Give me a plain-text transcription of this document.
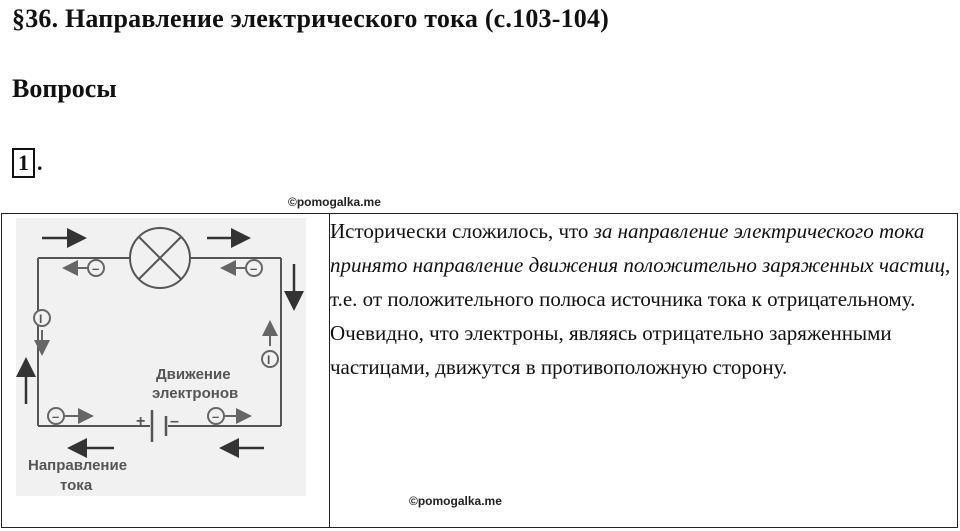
§36. Направление электрического тока (с.103-104)
Вопросы
1 .
©pomogalka.me
+ –
–	–
–	–
I
I
Движение
электронов
Направление
тока

Исторически сложилось, что за направление электрического тока принято направление движения положительно заряженных частиц, т.е. от положительного полюса источника тока к отрицательному.
Очевидно, что электроны, являясь отрицательно заряженными частицами, движутся в противоположную сторону.
©pomogalka.me
